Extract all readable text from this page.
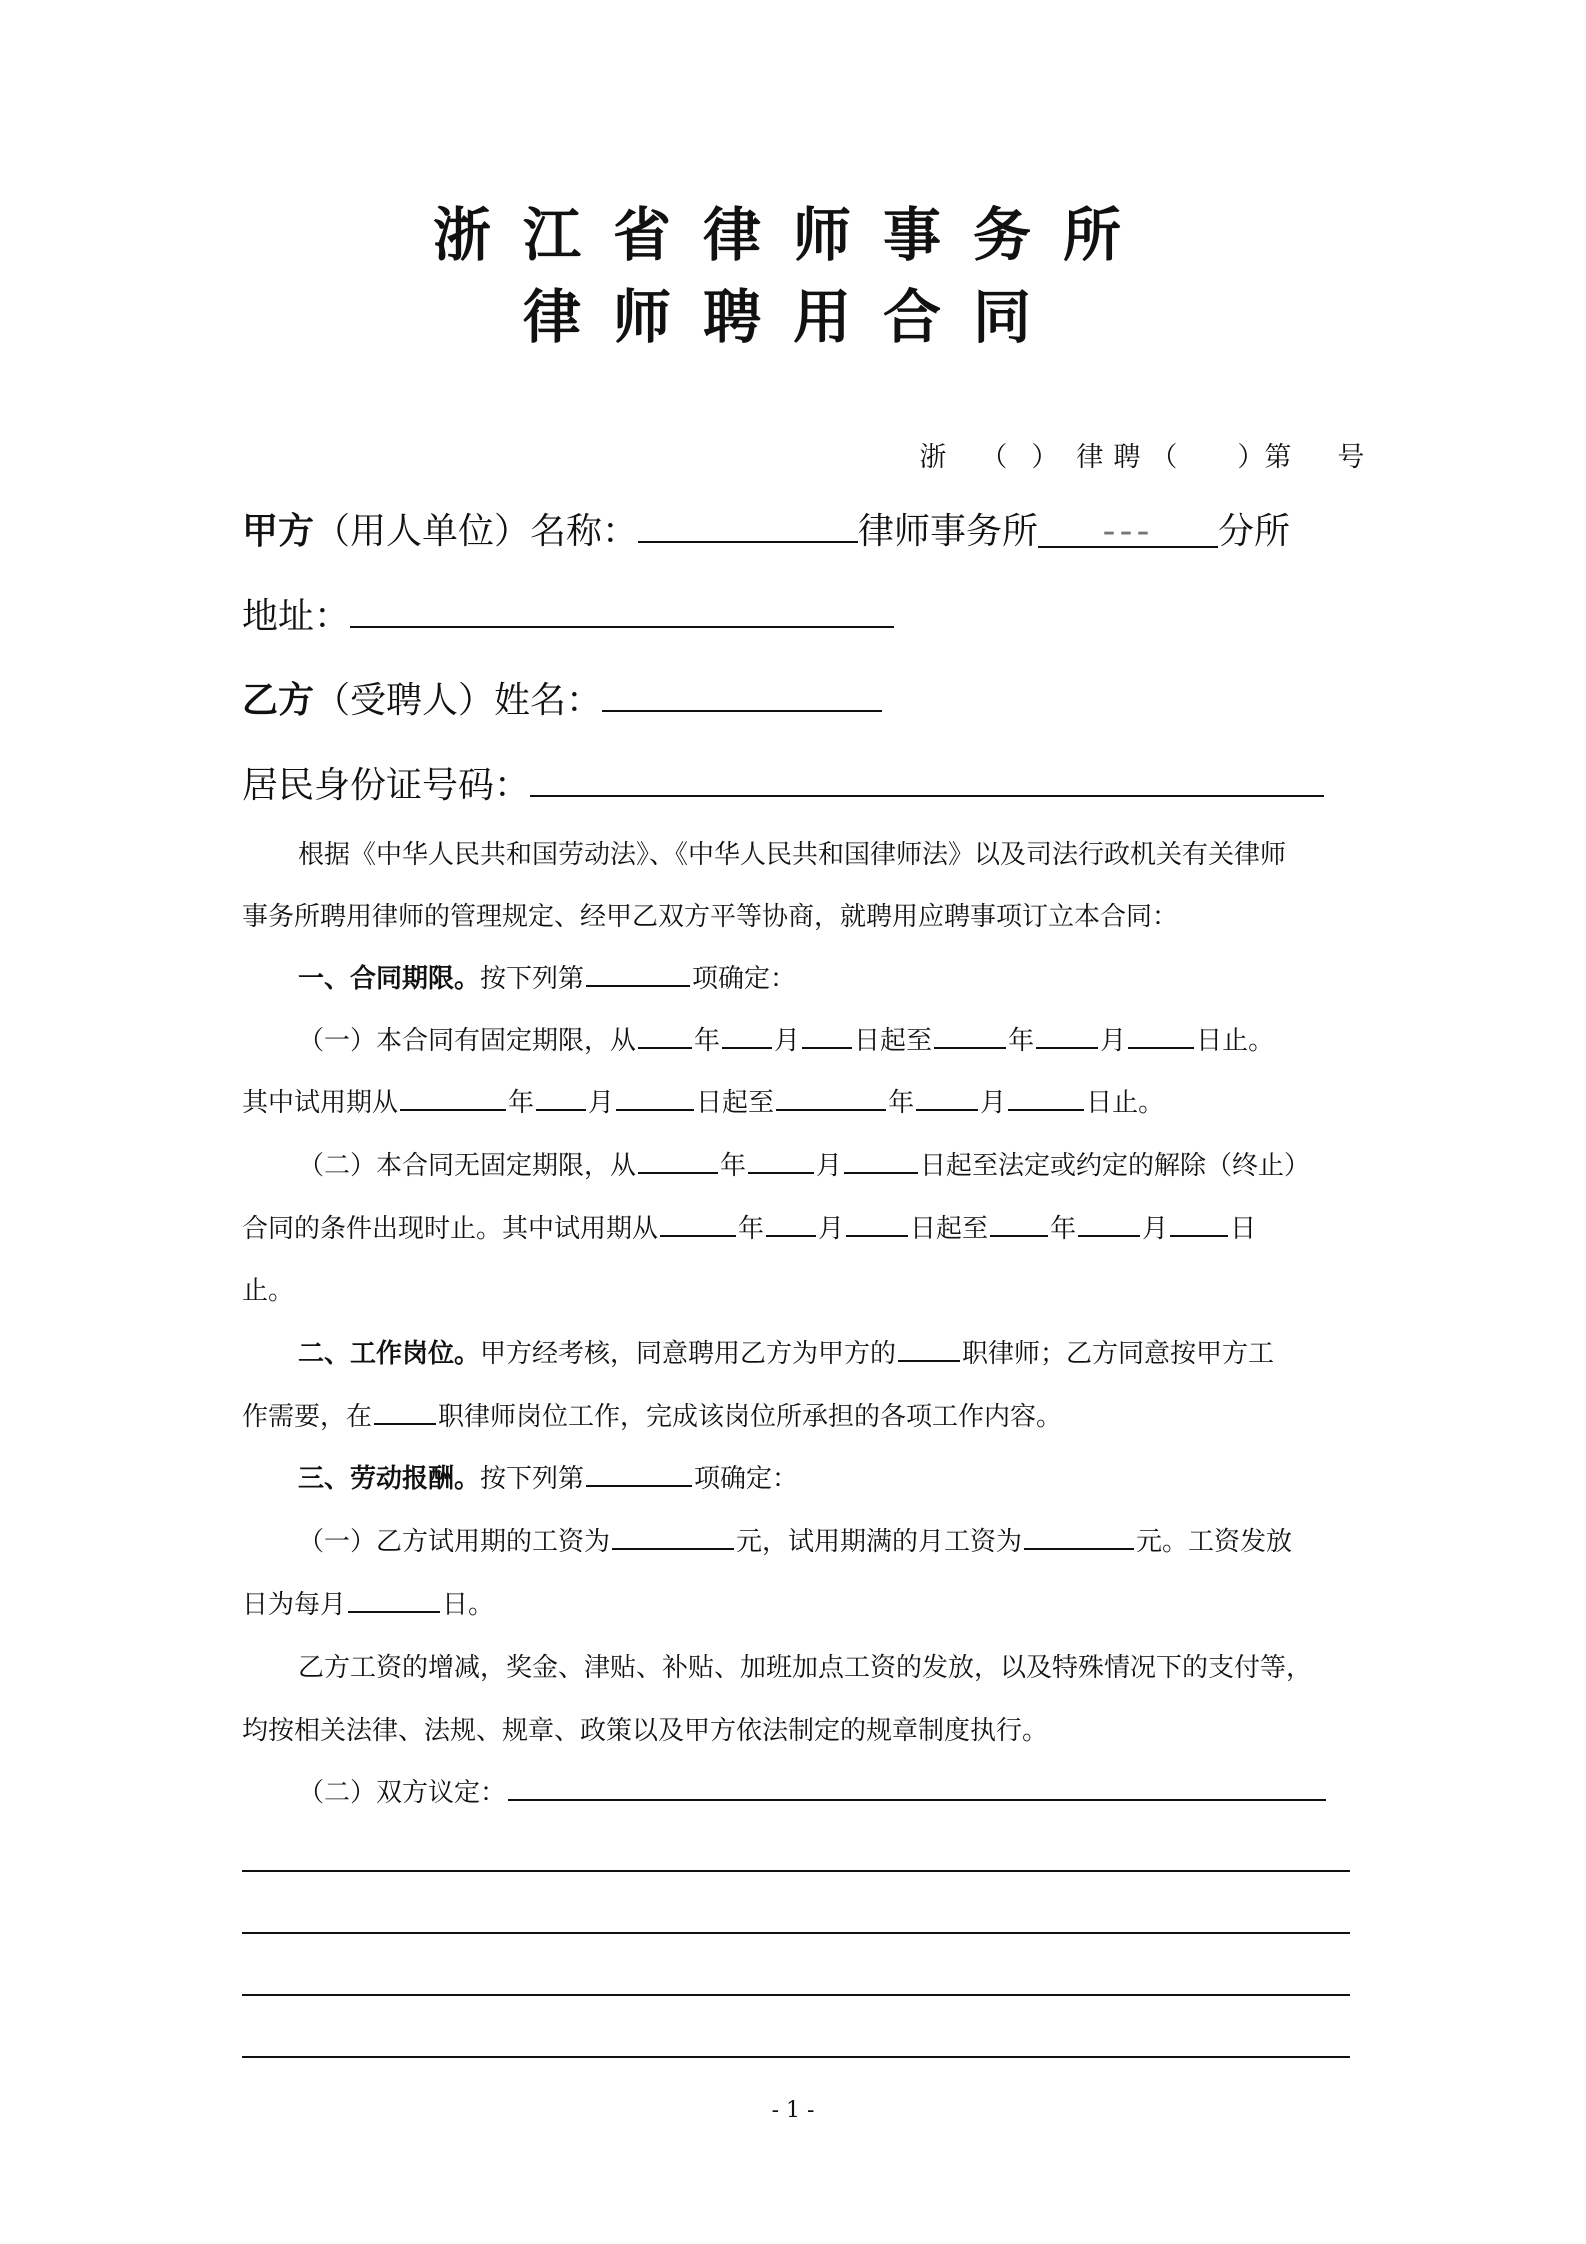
浙江省律师事务所
律师聘用合同

浙 （ ） 律聘（ ）第 号

甲方（用人单位）名称：	律师事务所 --- 分所
地址：
乙方（受聘人）姓名：
居民身份证号码：
根据《中华人民共和国劳动法》、《中华人民共和国律师法》以及司法行政机关有关律师
事务所聘用律师的管理规定、经甲乙双方平等协商，就聘用应聘事项订立本合同：
一、合同期限。按下列第	项确定：
（一）本合同有固定期限，从 年 月 日起至	年	月	日止。
其中试用期从	年 月	日起至	年	月	日止。
（二）本合同无固定期限，从	年	月	日起至法定或约定的解除（终止）
合同的条件出现时止。其中试用期从	年 月	日起至 年	月 日
止。
二、工作岗位。甲方经考核，同意聘用乙方为甲方的	职律师；乙方同意按甲方工
作需要，在	职律师岗位工作，完成该岗位所承担的各项工作内容。
三、劳动报酬。按下列第	项确定：
（一）乙方试用期的工资为	元，试用期满的月工资为	元。工资发放
日为每月	日。
乙方工资的增减，奖金、津贴、补贴、加班加点工资的发放，以及特殊情况下的支付等，
均按相关法律、法规、规章、政策以及甲方依法制定的规章制度执行。
（二）双方议定：
- 1 -
